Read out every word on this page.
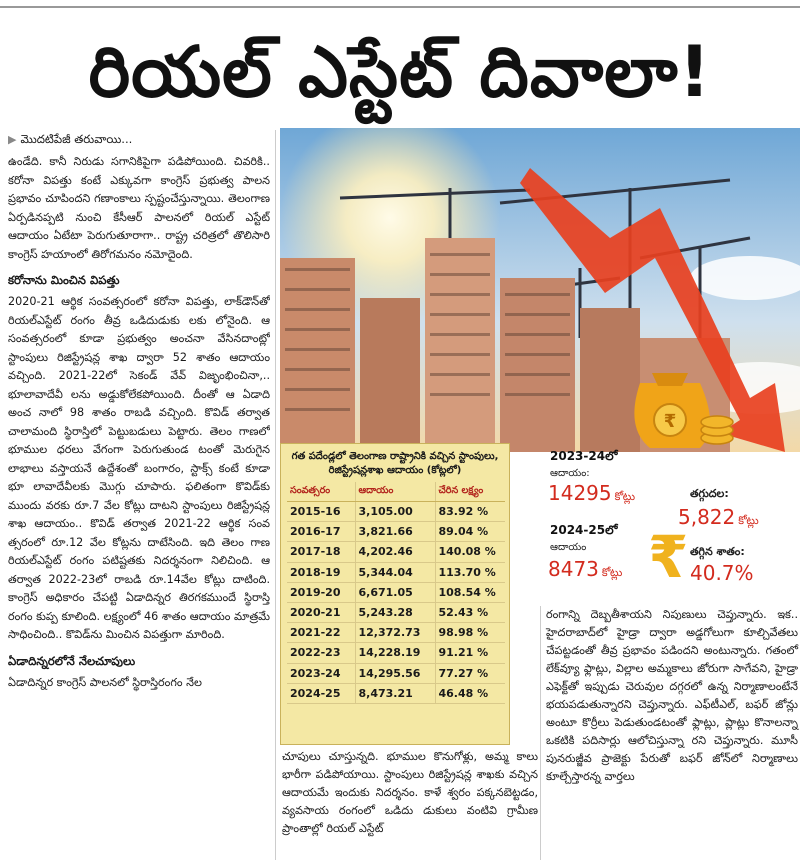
రియల్ ఎస్టేట్ దివాలా!
▶ మొదటిపేజీ తరువాయి...

ఉండేది. కానీ నిరుడు సగానికిపైగా పడిపోయింది. చివరికి.. కరోనా విపత్తు కంటే ఎక్కువగా కాంగ్రెస్ ప్రభుత్వ పాలన ప్రభావం చూపిందని గణాంకాలు స్పష్టంచేస్తున్నాయి. తెలంగాణ ఏర్పడినప్పటి నుంచి కేసీఆర్ పాలనలో రియల్ ఎస్టేట్ ఆదాయం ఏటేటా పెరుగుతూరాగా.. రాష్ట్ర చరిత్రలో తొలిసారి కాంగ్రెస్ హయాంలో తిరోగమనం నమోదైంది.

కరోనాను మించిన విపత్తు

2020-21 ఆర్థిక సంవత్సరంలో కరోనా విపత్తు, లాక్‌డౌన్‌తో రియల్‌ఎస్టేట్ రంగం తీవ్ర ఒడిదుడుకు లకు లోనైంది. ఆ సంవత్సరంలో కూడా ప్రభుత్వం అంచనా వేసినదాంట్లో స్టాంపులు రిజిస్ట్రేషన్ల శాఖ ద్వారా 52 శాతం ఆదాయం వచ్చింది. 2021-22లో సెకండ్ వేవ్ విజృంభించినా,.. భూలావాదేవీ లను అడ్డుకోలేకపోయింది. దీంతో ఆ ఏడాది అంచ నాలో 98 శాతం రాబడి వచ్చింది. కొవిడ్ తర్వాత చాలామంది స్థిరాస్తిలో పెట్టుబడులు పెట్టారు. తెలం గాణలో భూముల ధరలు వేగంగా పెరుగుతుండ టంతో మెరుగైన లాభాలు వస్తాయనే ఉద్దేశంతో బంగారం, స్టాక్స్ కంటే కూడా భూ లావాదేవీలకు మొగ్గు చూపారు. ఫలితంగా కొవిడ్‌కు ముందు వరకు రూ.7 వేల కోట్లు దాటని స్టాంపులు రిజిస్ట్రేషన్ల శాఖ ఆదాయం.. కొవిడ్ తర్వాత 2021-22 ఆర్థిక సంవ త్సరంలో రూ.12 వేల కోట్లను దాటేసింది. ఇది తెలం గాణ రియల్‌ఎస్టేట్ రంగం పటిష్టతకు నిదర్శనంగా నిలిచింది. ఆ తర్వాత 2022-23లో రాబడి రూ.14వేల కోట్లు దాటింది. కాంగ్రెస్ అధికారం చేపట్టి ఏడాదిన్నర తిరగకముందే స్థిరాస్తి రంగం కుప్ప కూలింది. లక్ష్యంలో 46 శాతం ఆదాయం మాత్రమే సాధించింది.. కొవిడ్‌ను మించిన విపత్తుగా మారింది.

ఏడాదిన్నరలోనే నేలచూపులు

ఏడాదిన్నర కాంగ్రెస్ పాలనలో స్థిరాస్తిరంగం నేల

₹
గత పదేండ్లలో తెలంగాణ రాష్ట్రానికి వచ్చిన స్టాంపులు, రిజిస్ట్రేషన్లశాఖ ఆదాయం (కోట్లలో)
సంవత్సరం	ఆదాయం	చేరిన లక్ష్యం
2015-16	3,105.00	83.92 %
2016-17	3,821.66	89.04 %
2017-18	4,202.46	140.08 %
2018-19	5,344.04	113.70 %
2019-20	6,671.05	108.54 %
2020-21	5,243.28	52.43 %
2021-22	12,372.73	98.98 %
2022-23	14,228.19	91.21 %
2023-24	14,295.56	77.27 %
2024-25	8,473.21	46.48 %
2023-24లో
ఆదాయం:
14295 కోట్లు	తగ్గుదల:
5,822 కోట్లు
2024-25లో
ఆదాయం
8473 కోట్లు ₹ తగ్గిన శాతం:
40.7%
చూపులు చూస్తున్నది. భూముల కొనుగోళ్లు, అమ్మ కాలు భారీగా పడిపోయాయి. స్టాంపులు రిజిస్ట్రేషన్ల శాఖకు వచ్చిన ఆదాయమే ఇందుకు నిదర్శనం. కాళే శ్వరం పక్కనబెట్టడం, వ్యవసాయ రంగంలో ఒడిదు డుకులు వంటివి గ్రామీణ ప్రాంతాల్లో రియల్ ఎస్టేట్
రంగాన్ని దెబ్బతీశాయని నిపుణులు చెప్తున్నారు. ఇక.. హైదరాబాద్‌లో హైడ్రా ద్వారా అడ్డగోలుగా కూల్చివేతలు చేపట్టడంతో తీవ్ర ప్రభావం పడిందని అంటున్నారు. గతంలో లేక్‌వ్యూ ఫ్లాట్లు, విల్లాల అమ్మకాలు జోరుగా సాగేవని, హైడ్రా ఎఫెక్ట్‌తో ఇప్పుడు చెరువుల దగ్గరలో ఉన్న నిర్మాణాలంటేనే భయపడుతున్నారని చెప్తున్నారు. ఎఫ్‌టీఎల్, బఫర్ జోన్లు అంటూ కొర్రీలు పెడుతుండటంతో ఫ్లాట్లు, ప్లాట్లు కొనాలన్నా ఒకటికి పదిసార్లు ఆలోచిస్తున్నా రని చెప్తున్నారు. మూసీ పునరుజ్జీవ ప్రాజెక్టు పేరుతో బఫర్ జోన్‌లో నిర్మాణాలు కూల్చేస్తారన్న వార్తలు
